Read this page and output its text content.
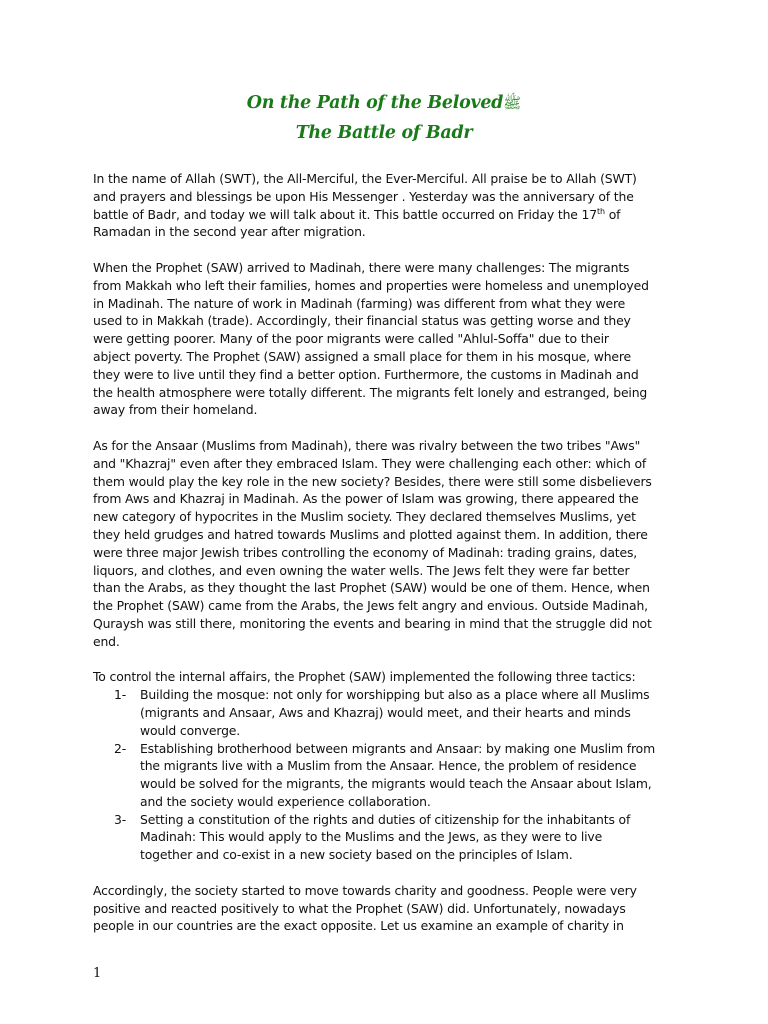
On the Path of the Belovedﷺ
The Battle of Badr
In the name of Allah (SWT), the All-Merciful, the Ever-Merciful. All praise be to Allah (SWT)
and prayers and blessings be upon His Messenger . Yesterday was the anniversary of the
battle of Badr, and today we will talk about it. This battle occurred on Friday the 17th of
Ramadan in the second year after migration.
When the Prophet (SAW) arrived to Madinah, there were many challenges: The migrants
from Makkah who left their families, homes and properties were homeless and unemployed
in Madinah. The nature of work in Madinah (farming) was different from what they were
used to in Makkah (trade). Accordingly, their financial status was getting worse and they
were getting poorer. Many of the poor migrants were called "Ahlul-Soffa" due to their
abject poverty. The Prophet (SAW) assigned a small place for them in his mosque, where
they were to live until they find a better option. Furthermore, the customs in Madinah and
the health atmosphere were totally different. The migrants felt lonely and estranged, being
away from their homeland.
As for the Ansaar (Muslims from Madinah), there was rivalry between the two tribes "Aws"
and "Khazraj" even after they embraced Islam. They were challenging each other: which of
them would play the key role in the new society? Besides, there were still some disbelievers
from Aws and Khazraj in Madinah. As the power of Islam was growing, there appeared the
new category of hypocrites in the Muslim society. They declared themselves Muslims, yet
they held grudges and hatred towards Muslims and plotted against them. In addition, there
were three major Jewish tribes controlling the economy of Madinah: trading grains, dates,
liquors, and clothes, and even owning the water wells. The Jews felt they were far better
than the Arabs, as they thought the last Prophet (SAW) would be one of them. Hence, when
the Prophet (SAW) came from the Arabs, the Jews felt angry and envious. Outside Madinah,
Quraysh was still there, monitoring the events and bearing in mind that the struggle did not
end.
To control the internal affairs, the Prophet (SAW) implemented the following three tactics:
1-	Building the mosque: not only for worshipping but also as a place where all Muslims
(migrants and Ansaar, Aws and Khazraj) would meet, and their hearts and minds
would converge.
2-	Establishing brotherhood between migrants and Ansaar: by making one Muslim from
the migrants live with a Muslim from the Ansaar. Hence, the problem of residence
would be solved for the migrants, the migrants would teach the Ansaar about Islam,
and the society would experience collaboration.
3-	Setting a constitution of the rights and duties of citizenship for the inhabitants of
Madinah: This would apply to the Muslims and the Jews, as they were to live
together and co-exist in a new society based on the principles of Islam.
Accordingly, the society started to move towards charity and goodness. People were very
positive and reacted positively to what the Prophet (SAW) did. Unfortunately, nowadays
people in our countries are the exact opposite. Let us examine an example of charity in
1
